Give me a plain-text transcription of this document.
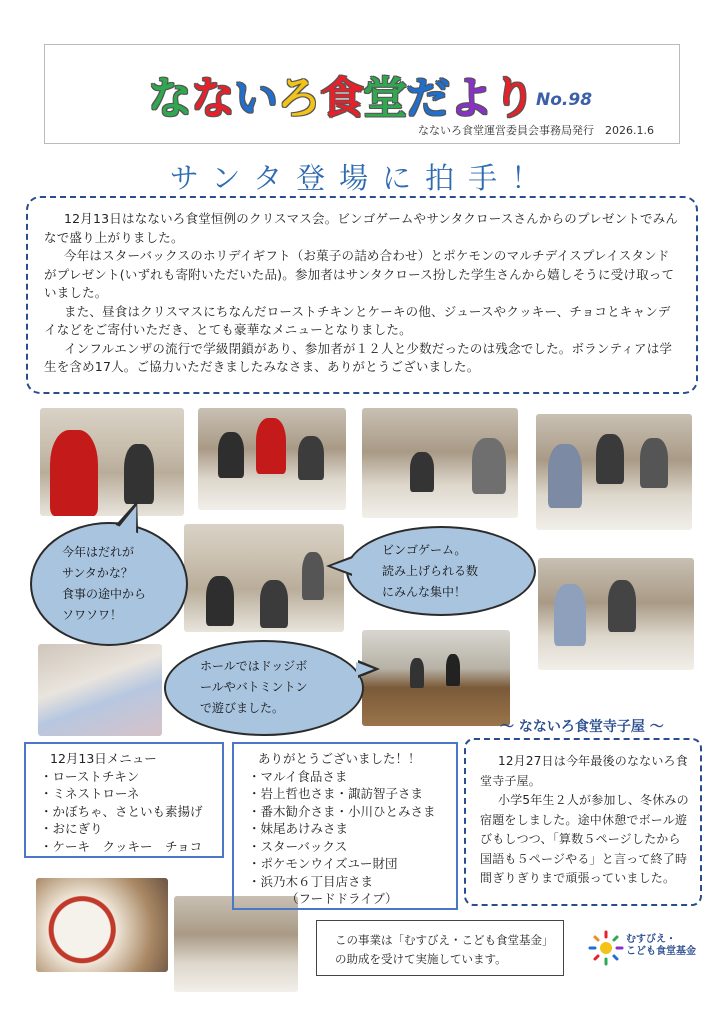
なないろ食堂だより No.98
なないろ食堂運営委員会事務局発行　2026.1.6
サンタ登場に拍手！

12月13日はなないろ食堂恒例のクリスマス会。ビンゴゲームやサンタクロースさんからのプレゼントでみんなで盛り上がりました。

今年はスターバックスのホリデイギフト（お菓子の詰め合わせ）とポケモンのマルチデイスプレイスタンドがプレゼント(いずれも寄附いただいた品)。参加者はサンタクロース扮した学生さんから嬉しそうに受け取っていました。

また、昼食はクリスマスにちなんだローストチキンとケーキの他、ジュースやクッキー、チョコとキャンデイなどをご寄付いただき、とても豪華なメニューとなりました。

インフルエンザの流行で学級閉鎖があり、参加者が１２人と少数だったのは残念でした。ボランティアは学生を含め17人。ご協力いただきましたみなさま、ありがとうございました。

今年はだれが
サンタかな？
食事の途中から
ソワソワ！
ビンゴゲーム。
読み上げられる数
にみんな集中！
ホールではドッジボ
ールやバトミントン
で遊びました。
～ なないろ食堂寺子屋 ～

12月27日は今年最後のなないろ食堂寺子屋。

小学5年生２人が参加し、冬休みの宿題をしました。途中休憩でボール遊びもしつつ、「算数５ページしたから国語も５ページやる」と言って終了時間ぎりぎりまで頑張っていました。

12月13日メニュー
・ローストチキン
・ミネストローネ
・かぼちゃ、さといも素揚げ
・おにぎり
・ケーキ　クッキー　チョコ
ありがとうございました！！
・マルイ食品さま
・岩上哲也さま・諏訪智子さま
・番木勧介さま・小川ひとみさま
・妹尾あけみさま
・スターバックス
・ポケモンウイズユー財団
・浜乃木６丁目店さま
（フードドライブ）
この事業は「むすびえ・こども食堂基金」
の助成を受けて実施しています。
むすびえ・
こども食堂基金
